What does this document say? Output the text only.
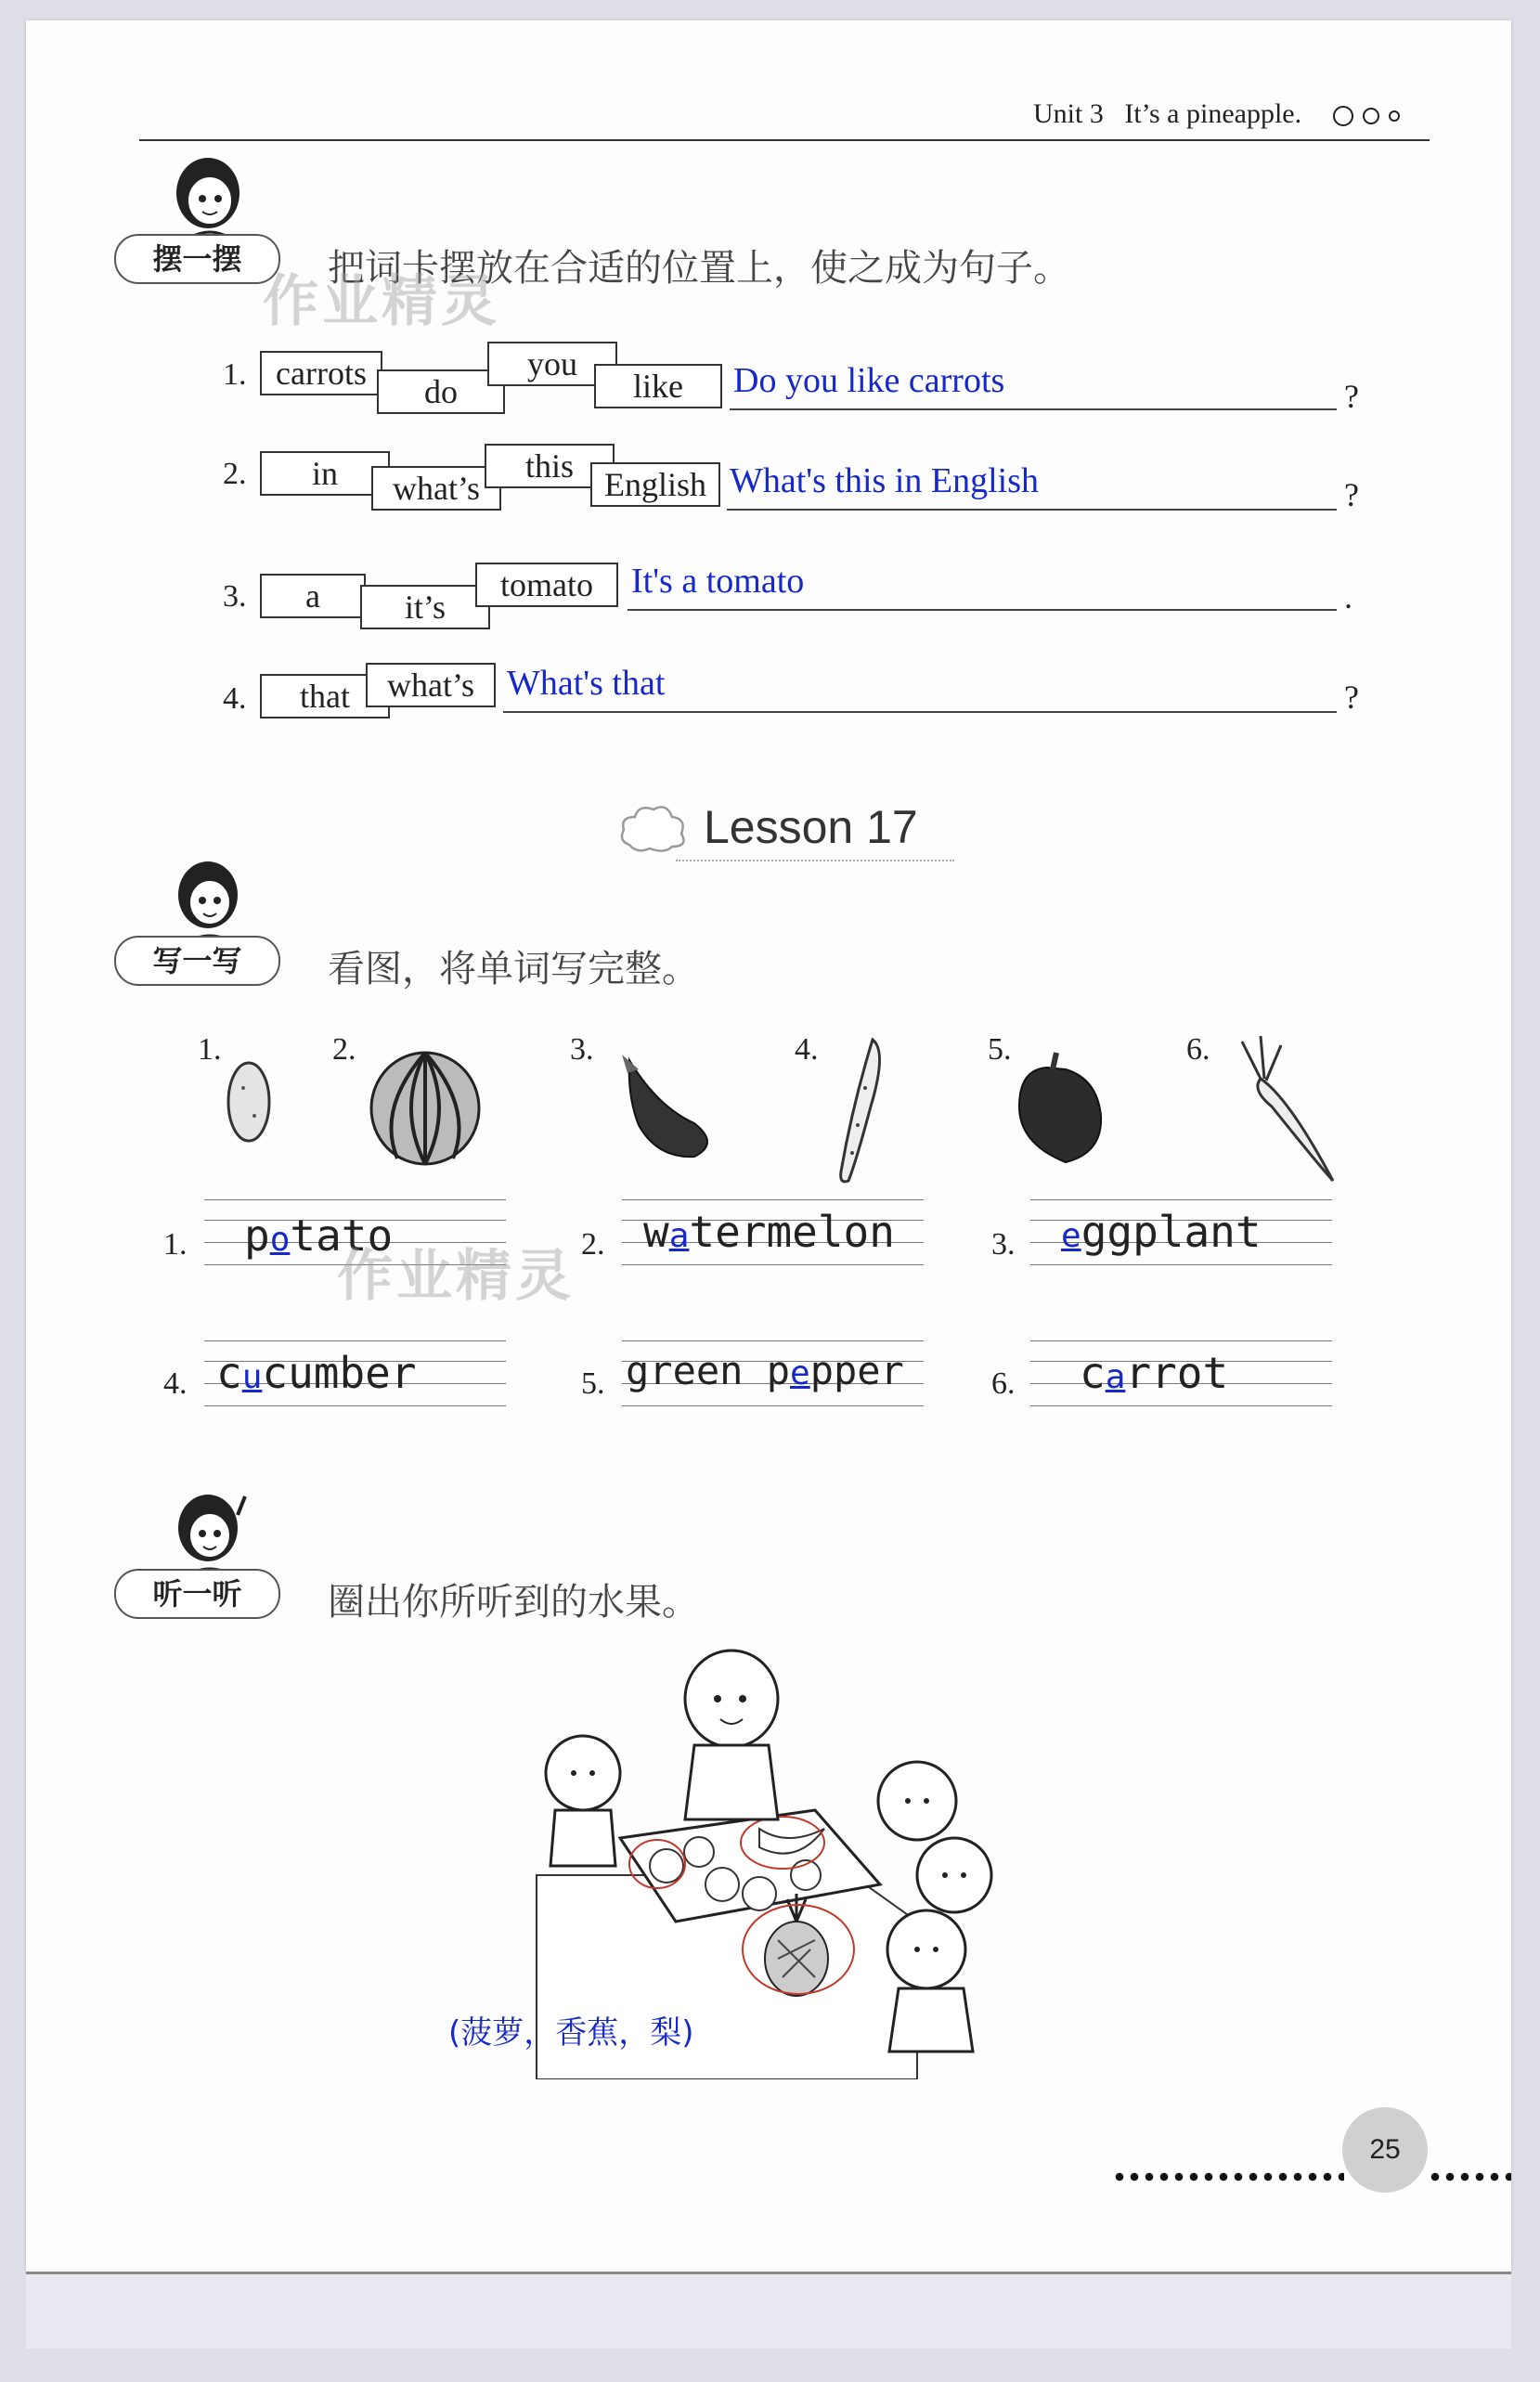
Unit 3 It’s a pineapple.
摆一摆	把词卡摆放在合适的位置上，使之成为句子。
作业精灵
1. carrots	do
you
like	Do you like carrots	?
2.	in	what’s
this English What's this in English	?
3.	a	it’s
tomato	It's a tomato	.
4.	that	what’s What's that	?
Lesson 17
写一写	看图，将单词写完整。
1.	2.	3.	4.	5.	6.
1. potato	2. watermelon	3. eggplant
4. cucumber	5. green pepper	6. carrot
作业精灵
听一听	圈出你所听到的水果。
(菠萝，香蕉，梨)
25
